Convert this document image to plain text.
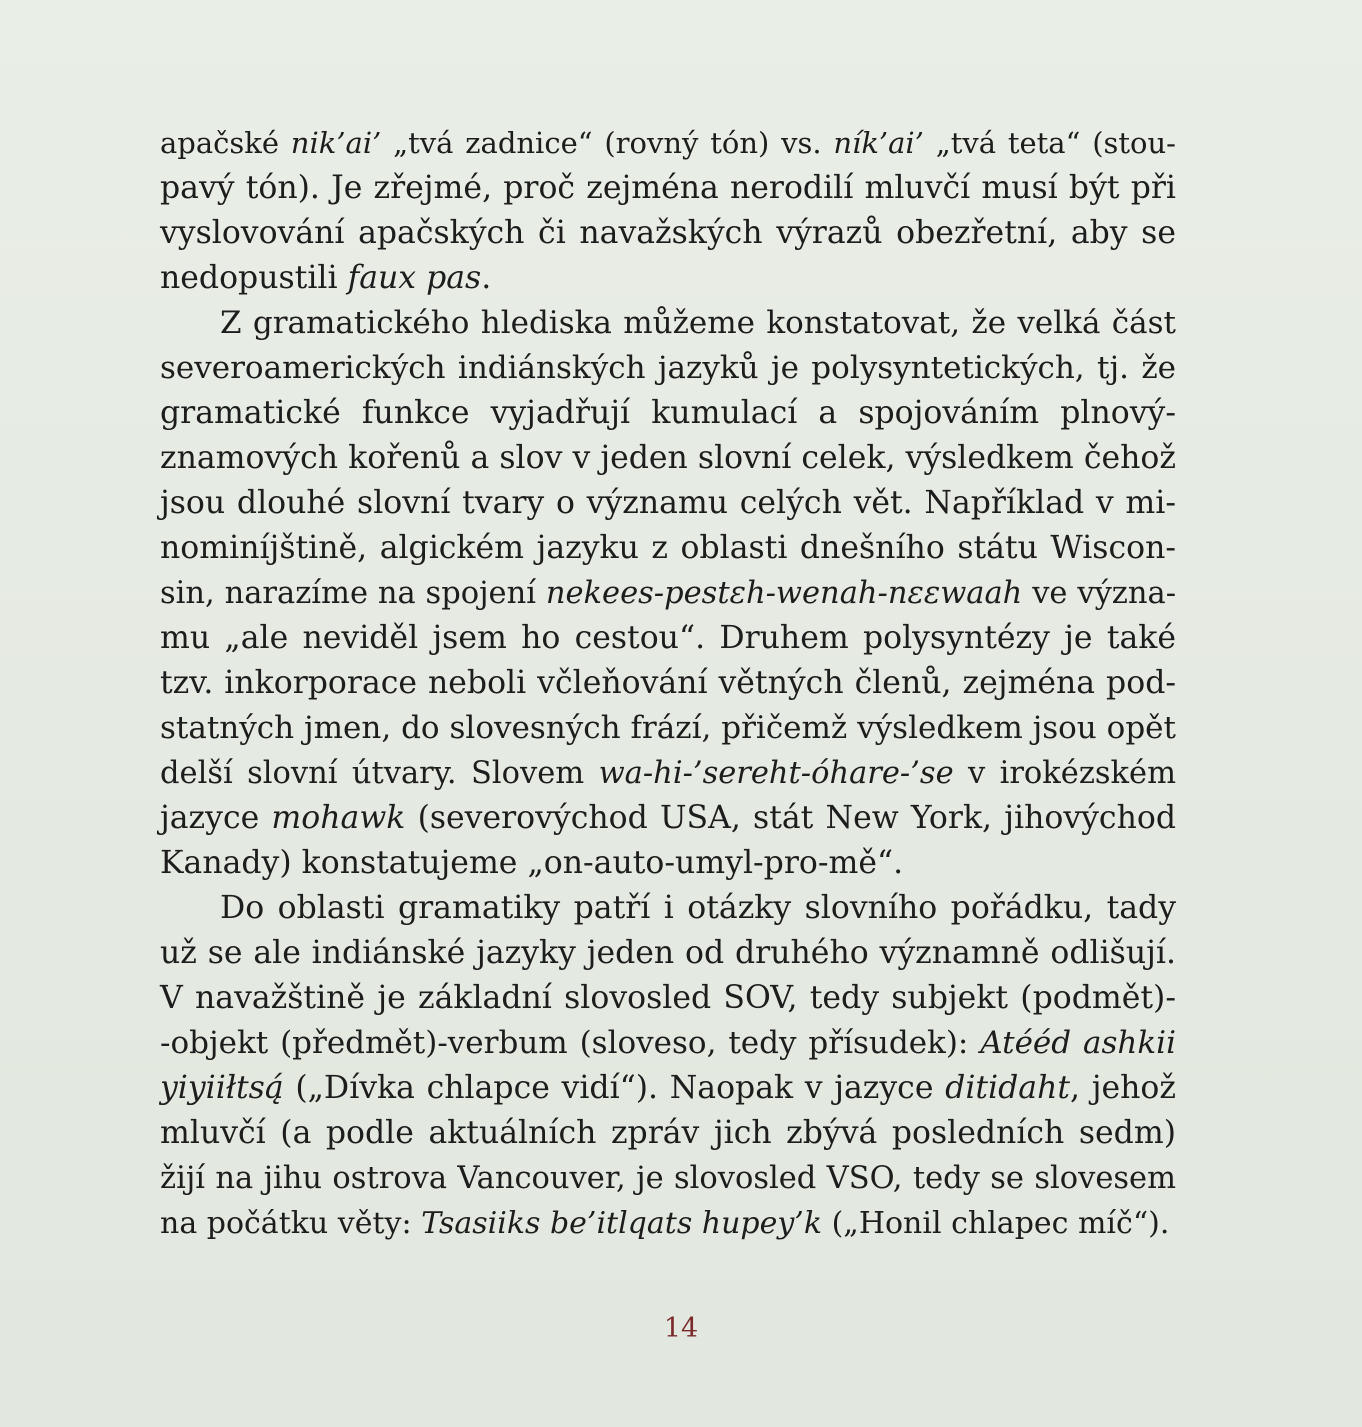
apačské nik’ai’ „tvá zadnice“ (rovný tón) vs. ník’ai’ „tvá teta“ (stou-
pavý tón). Je zřejmé, proč zejména nerodilí mluvčí musí být při
vyslovování apačských či navažských výrazů obezřetní, aby se
nedopustili faux pas.
Z gramatického hlediska můžeme konstatovat, že velká část
severoamerických indiánských jazyků je polysyntetických, tj. že
gramatické funkce vyjadřují kumulací a spojováním plnový-
znamových kořenů a slov v jeden slovní celek, výsledkem čehož
jsou dlouhé slovní tvary o významu celých vět. Například v mi-
nominíjštině, algickém jazyku z oblasti dnešního státu Wiscon-
sin, narazíme na spojení nekees-pestɛh-wenah-nɛɛwaah ve význa-
mu „ale neviděl jsem ho cestou“. Druhem polysyntézy je také
tzv. inkorporace neboli včleňování větných členů, zejména pod-
statných jmen, do slovesných frází, přičemž výsledkem jsou opět
delší slovní útvary. Slovem wa-hi-’sereht-óhare-’se v irokézském
jazyce mohawk (severovýchod USA, stát New York, jihovýchod
Kanady) konstatujeme „on-auto-umyl-pro-mě“.
Do oblasti gramatiky patří i otázky slovního pořádku, tady
už se ale indiánské jazyky jeden od druhého významně odlišují.
V navažštině je základní slovosled SOV, tedy subjekt (podmět)-
-objekt (předmět)-verbum (sloveso, tedy přísudek): Atééd ashkii
yiyiiłtsą́ („Dívka chlapce vidí“). Naopak v jazyce ditidaht, jehož
mluvčí (a podle aktuálních zpráv jich zbývá posledních sedm)
žijí na jihu ostrova Vancouver, je slovosled VSO, tedy se slovesem
na počátku věty: Tsasiiks be’itlqats hupey’k („Honil chlapec míč“).
14
